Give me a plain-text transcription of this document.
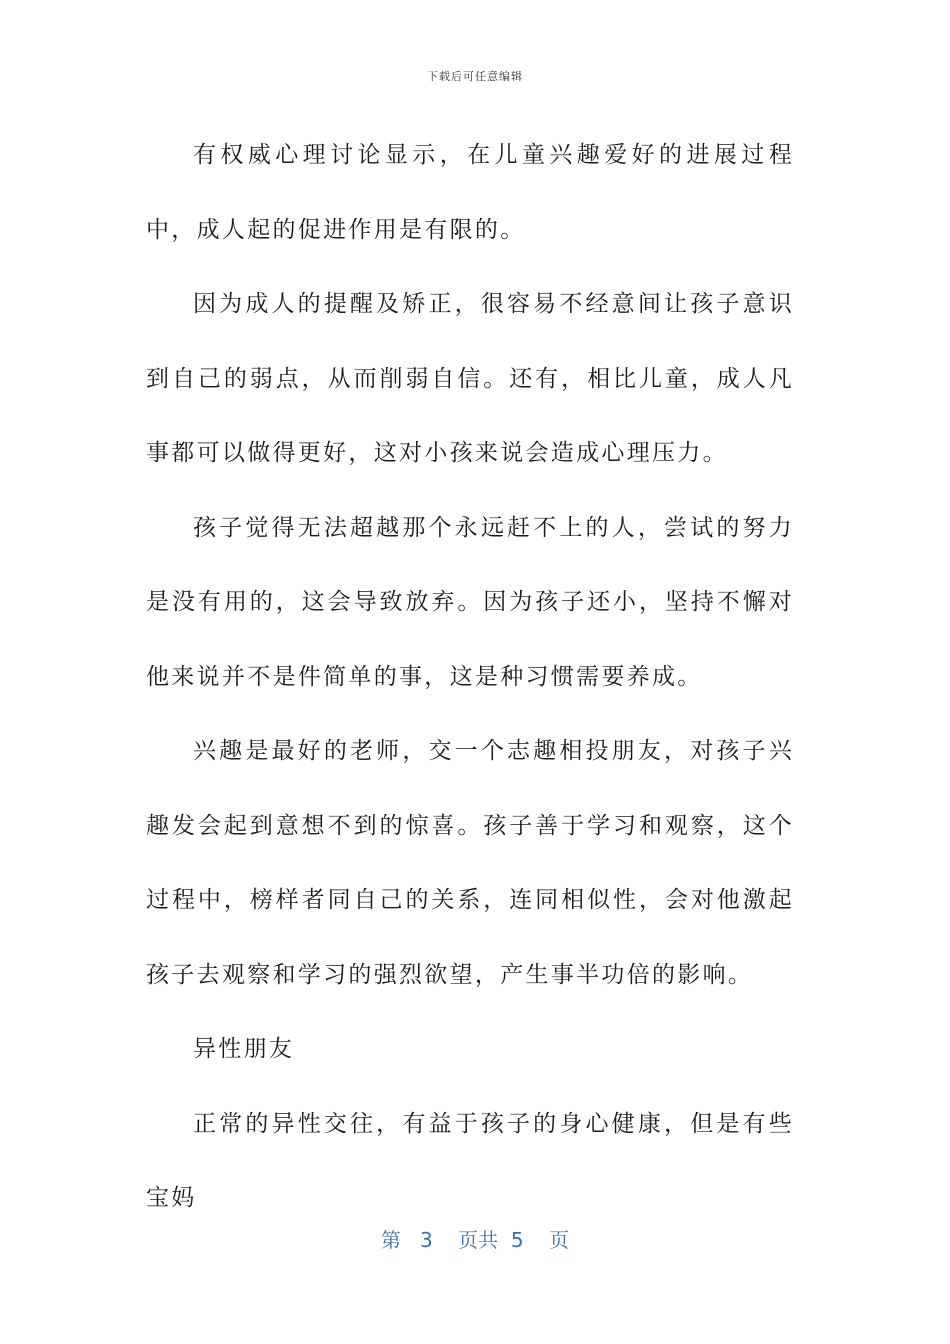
下载后可任意编辑

有权威心理讨论显示，在儿童兴趣爱好的进展过程中，成人起的促进作用是有限的。

因为成人的提醒及矫正，很容易不经意间让孩子意识到自己的弱点，从而削弱自信。还有，相比儿童，成人凡事都可以做得更好，这对小孩来说会造成心理压力。

孩子觉得无法超越那个永远赶不上的人，尝试的努力是没有用的，这会导致放弃。因为孩子还小，坚持不懈对他来说并不是件简单的事，这是种习惯需要养成。

兴趣是最好的老师，交一个志趣相投朋友，对孩子兴趣发会起到意想不到的惊喜。孩子善于学习和观察，这个过程中，榜样者同自己的关系，连同相似性，会对他激起孩子去观察和学习的强烈欲望，产生事半功倍的影响。

异性朋友

正常的异性交往，有益于孩子的身心健康，但是有些宝妈

第 3 页共 5 页
